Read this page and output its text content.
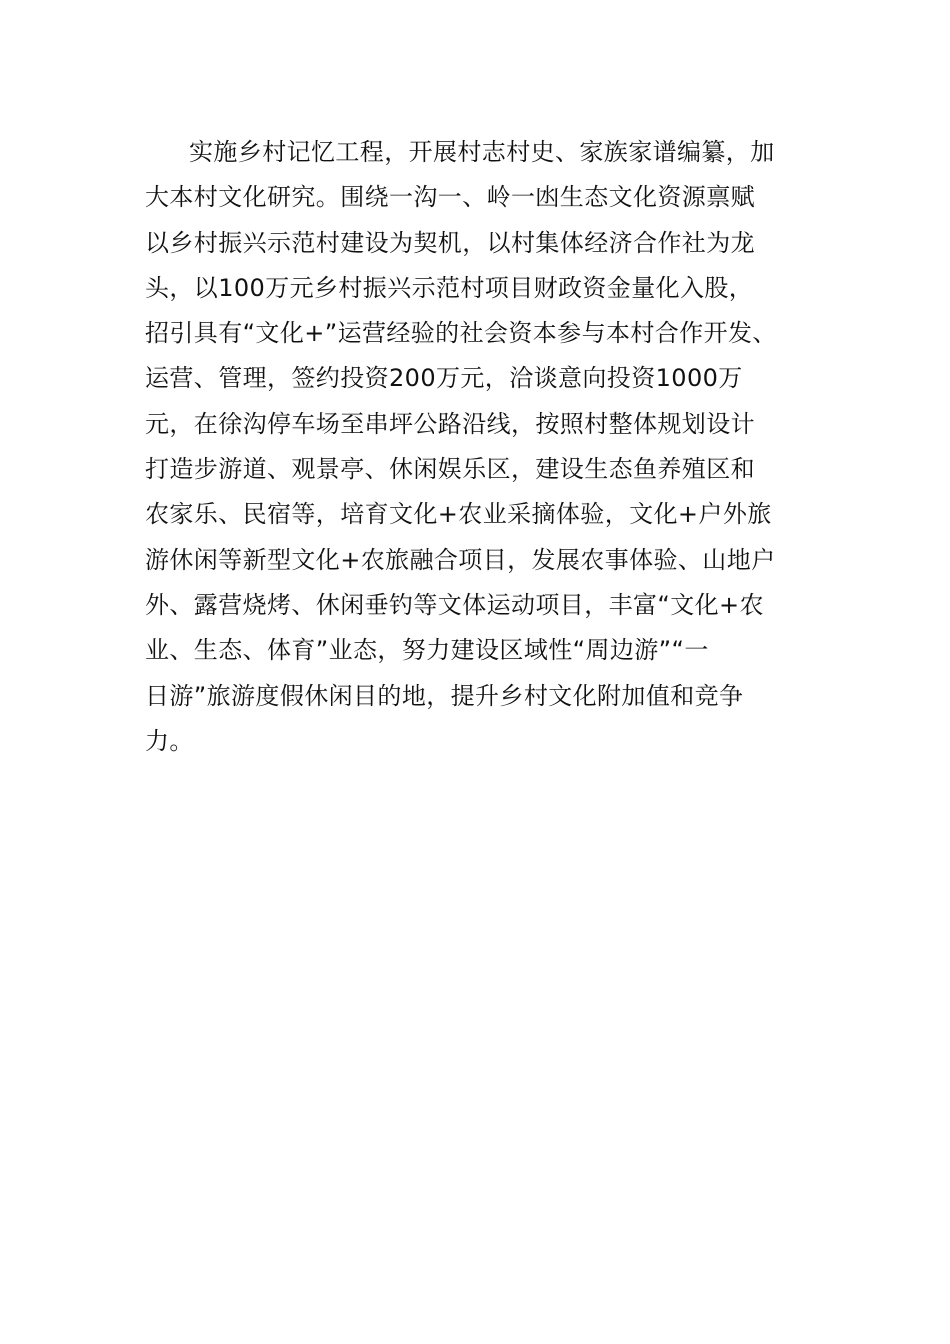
实施乡村记忆工程，开展村志村史、家族家谱编纂，加
大本村文化研究。围绕一沟一、岭一凼生态文化资源禀赋
以乡村振兴示范村建设为契机，以村集体经济合作社为龙
头，以100万元乡村振兴示范村项目财政资金量化入股，
招引具有“文化+”运营经验的社会资本参与本村合作开发、
运营、管理，签约投资200万元，洽谈意向投资1000万
元，在徐沟停车场至串坪公路沿线，按照村整体规划设计
打造步游道、观景亭、休闲娱乐区，建设生态鱼养殖区和
农家乐、民宿等，培育文化+农业采摘体验，文化+户外旅
游休闲等新型文化+农旅融合项目，发展农事体验、山地户
外、露营烧烤、休闲垂钓等文体运动项目，丰富“文化+农
业、生态、体育”业态，努力建设区域性“周边游”“一
日游”旅游度假休闲目的地，提升乡村文化附加值和竞争
力。
